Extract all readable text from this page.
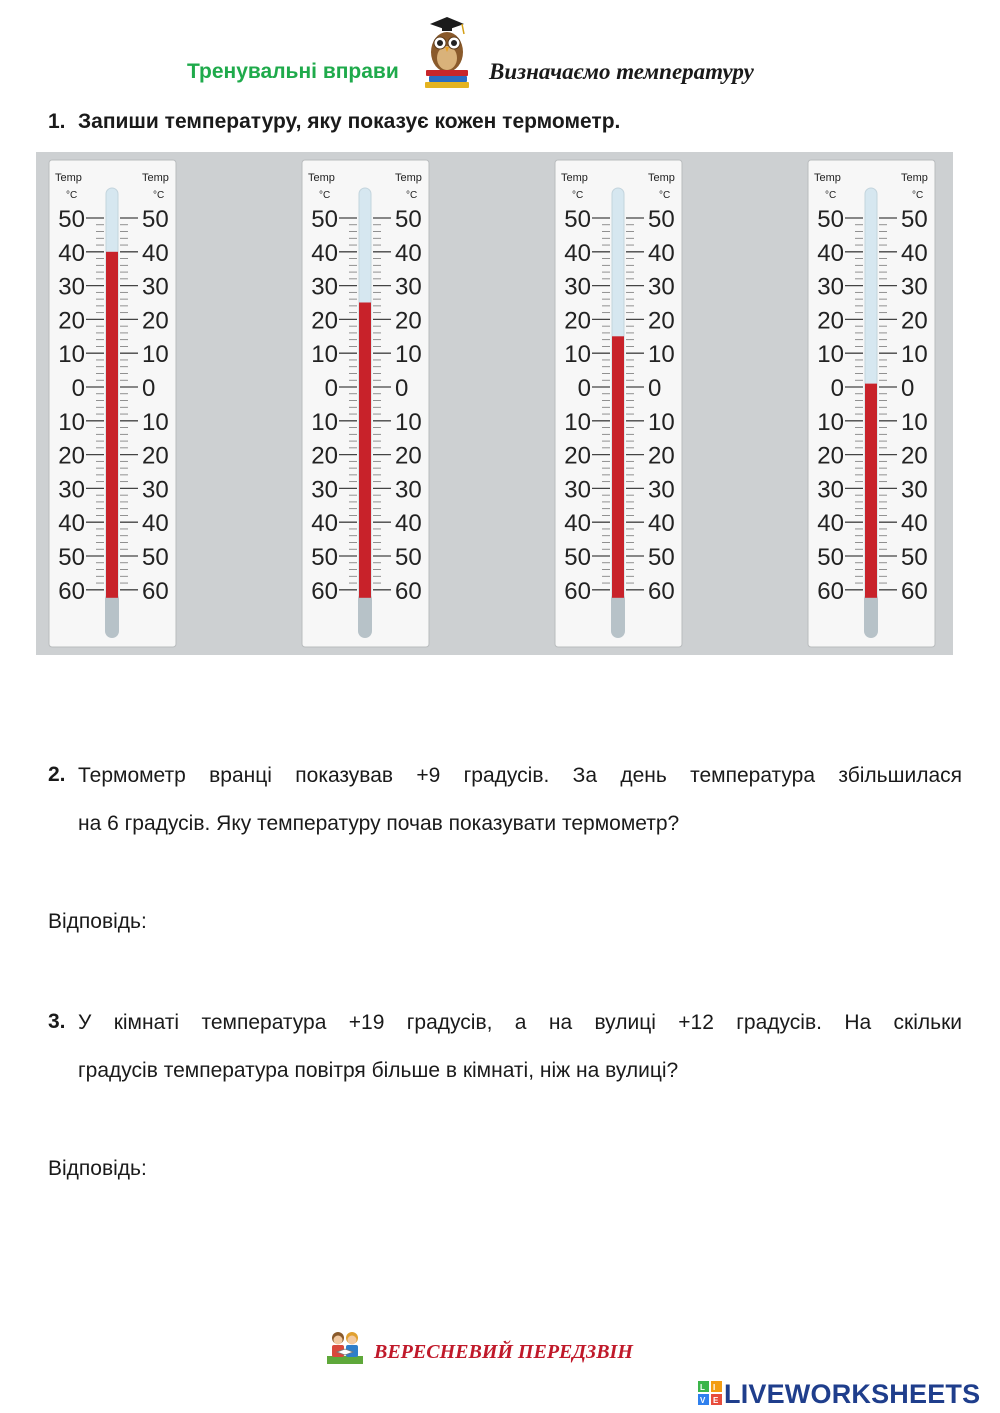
Тренувальні вправи	Визначаємо температуру
1. Запиши температуру, яку показує кожен термометр.
Temp	Temp
°C	°C
50 50
40 40
30 30
20 20
10 10
0 0
10 10
20 20
30 30
40 40
50 50
60 60
Temp	Temp
°C	°C
50 50
40 40
30 30
20 20
10 10
0 0
10 10
20 20
30 30
40 40
50 50
60 60
Temp	Temp
°C	°C
50 50
40 40
30 30
20 20
10 10
0 0
10 10
20 20
30 30
40 40
50 50
60 60
Temp	Temp
°C	°C
50 50
40 40
30 30
20 20
10 10
0 0
10 10
20 20
30 30
40 40
50 50
60 60
2. Термометр вранці показував +9 градусів. За день температура збільшилася
на 6 градусів. Яку температуру почав показувати термометр?
Відповідь:
3. У кімнаті температура +19 градусів, а на вулиці +12 градусів. На скільки
градусів температура повітря більше в кімнаті, ніж на вулиці?
Відповідь:
ВЕРЕСНЕВИЙ ПЕРЕДЗВІН
L I
V E LIVEWORKSHEETS
